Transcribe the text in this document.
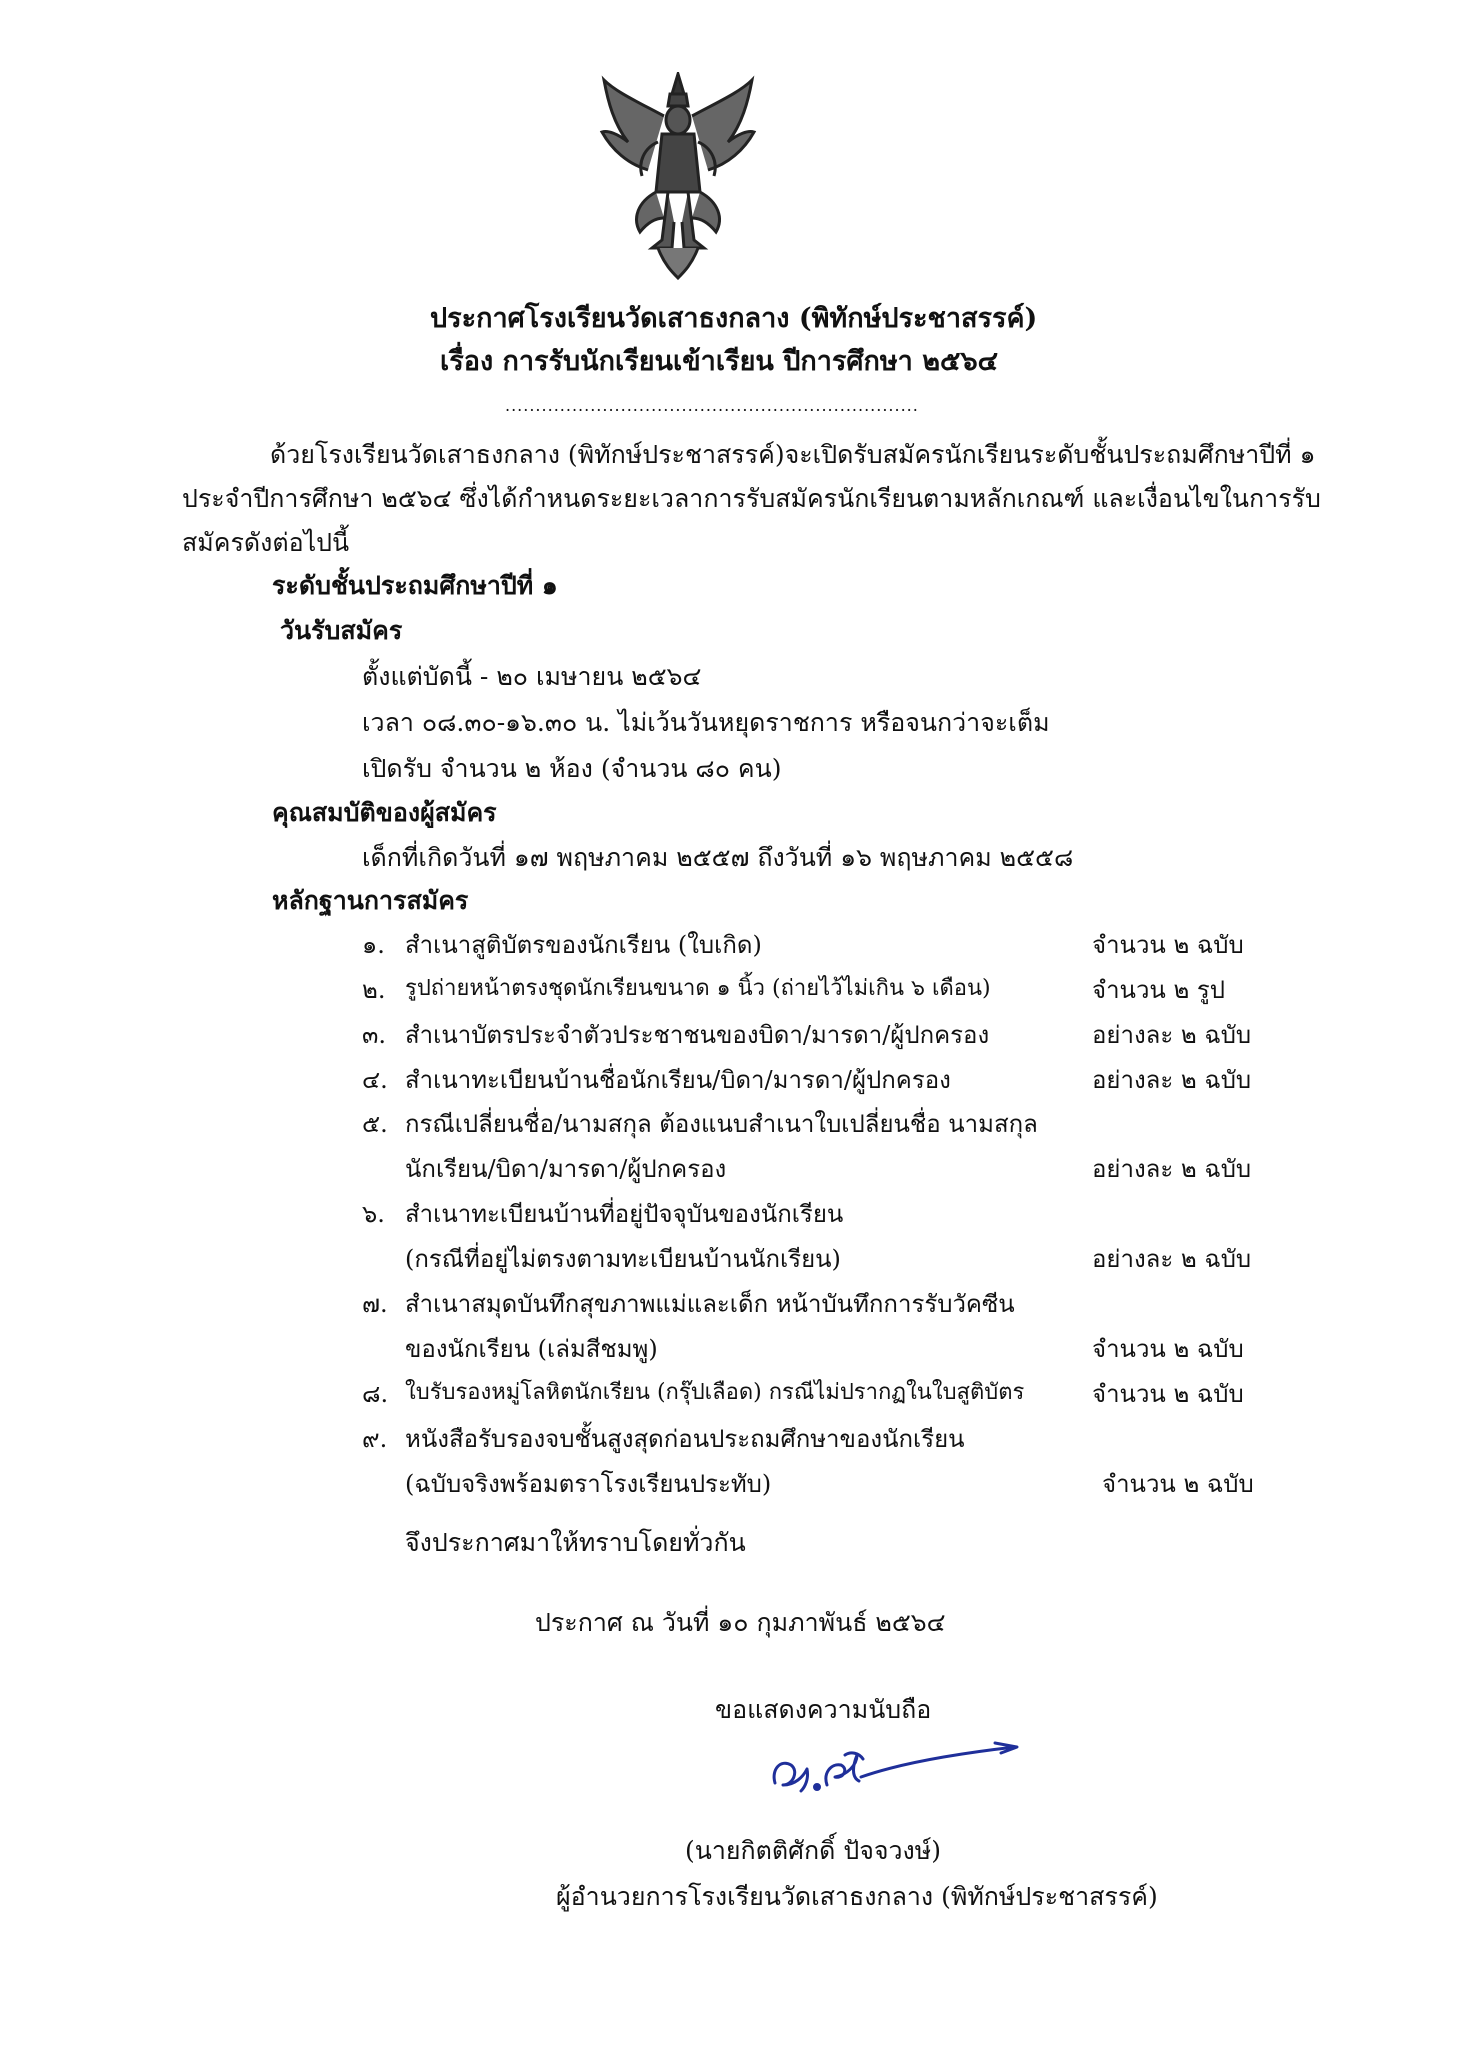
ประกาศโรงเรียนวัดเสาธงกลาง (พิทักษ์ประชาสรรค์)
เรื่อง การรับนักเรียนเข้าเรียน ปีการศึกษา ๒๕๖๔
....................................................................
ด้วยโรงเรียนวัดเสาธงกลาง (พิทักษ์ประชาสรรค์)จะเปิดรับสมัครนักเรียนระดับชั้นประถมศึกษาปีที่ ๑
ประจำปีการศึกษา ๒๕๖๔ ซึ่งได้กำหนดระยะเวลาการรับสมัครนักเรียนตามหลักเกณฑ์ และเงื่อนไขในการรับ
สมัครดังต่อไปนี้
ระดับชั้นประถมศึกษาปีที่ ๑
วันรับสมัคร
ตั้งแต่บัดนี้ - ๒๐ เมษายน ๒๕๖๔
เวลา ๐๘.๓๐-๑๖.๓๐ น. ไม่เว้นวันหยุดราชการ หรือจนกว่าจะเต็ม
เปิดรับ จำนวน ๒ ห้อง (จำนวน ๘๐ คน)
คุณสมบัติของผู้สมัคร
เด็กที่เกิดวันที่ ๑๗ พฤษภาคม ๒๕๕๗ ถึงวันที่ ๑๖ พฤษภาคม ๒๕๕๘
หลักฐานการสมัคร
๑. สำเนาสูติบัตรของนักเรียน (ใบเกิด)	จำนวน ๒ ฉบับ
๒. รูปถ่ายหน้าตรงชุดนักเรียนขนาด ๑ นิ้ว (ถ่ายไว้ไม่เกิน ๖ เดือน)	จำนวน ๒ รูป
๓. สำเนาบัตรประจำตัวประชาชนของบิดา/มารดา/ผู้ปกครอง	อย่างละ ๒ ฉบับ
๔. สำเนาทะเบียนบ้านชื่อนักเรียน/บิดา/มารดา/ผู้ปกครอง	อย่างละ ๒ ฉบับ
๕. กรณีเปลี่ยนชื่อ/นามสกุล ต้องแนบสำเนาใบเปลี่ยนชื่อ นามสกุล
นักเรียน/บิดา/มารดา/ผู้ปกครอง	อย่างละ ๒ ฉบับ
๖. สำเนาทะเบียนบ้านที่อยู่ปัจจุบันของนักเรียน
(กรณีที่อยู่ไม่ตรงตามทะเบียนบ้านนักเรียน)	อย่างละ ๒ ฉบับ
๗. สำเนาสมุดบันทึกสุขภาพแม่และเด็ก หน้าบันทึกการรับวัคซีน
ของนักเรียน (เล่มสีชมพู)	จำนวน ๒ ฉบับ
๘. ใบรับรองหมู่โลหิตนักเรียน (กรุ๊ปเลือด) กรณีไม่ปรากฏในใบสูติบัตร	จำนวน ๒ ฉบับ
๙. หนังสือรับรองจบชั้นสูงสุดก่อนประถมศึกษาของนักเรียน
(ฉบับจริงพร้อมตราโรงเรียนประทับ)	จำนวน ๒ ฉบับ
จึงประกาศมาให้ทราบโดยทั่วกัน
ประกาศ ณ วันที่ ๑๐ กุมภาพันธ์ ๒๕๖๔
ขอแสดงความนับถือ
(นายกิตติศักดิ์ ปัจจวงษ์)
ผู้อำนวยการโรงเรียนวัดเสาธงกลาง (พิทักษ์ประชาสรรค์)
